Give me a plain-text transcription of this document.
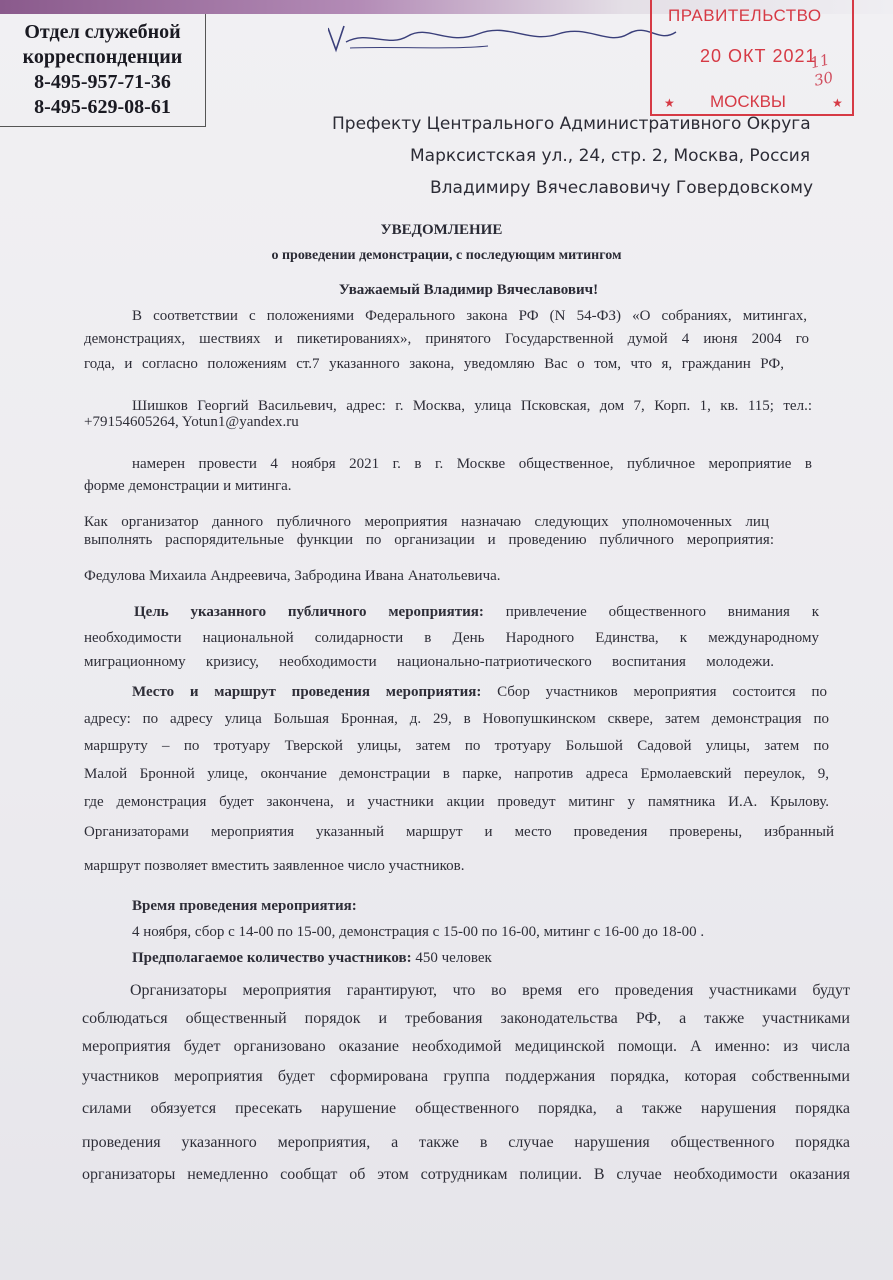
Отдел служебной
корреспонденции
8-495-957-71-36
8-495-629-08-61
ПРАВИТЕЛЬСТВО
20 ОКТ 2021
МОСКВЫ
★	★
11 30
Префекту Центрального Административного Округа
Марксистская ул., 24, стр. 2, Москва, Россия
Владимиру Вячеславовичу Говердовскому
УВЕДОМЛЕНИЕ
о проведении демонстрации, с последующим митингом
Уважаемый Владимир Вячеславович!
В соответствии с положениями Федерального закона РФ (N 54-ФЗ) «О собраниях, митингах,
демонстрациях, шествиях и пикетированиях», принятого Государственной думой 4 июня 2004 го
года, и согласно положениям ст.7 указанного закона, уведомляю Вас о том, что я, гражданин РФ,
Шишков Георгий Васильевич, адрес: г. Москва, улица Псковская, дом 7, Корп. 1, кв. 115; тел.:
+79154605264, Yotun1@yandex.ru
намерен провести 4 ноября 2021 г. в г. Москве общественное, публичное мероприятие в
форме демонстрации и митинга.
Как организатор данного публичного мероприятия назначаю следующих уполномоченных лиц
выполнять распорядительные функции по организации и проведению публичного мероприятия:
Федулова Михаила Андреевича, Забродина Ивана Анатольевича.
Цель указанного публичного мероприятия: привлечение общественного внимания к
необходимости национальной солидарности в День Народного Единства, к международному
миграционному кризису, необходимости национально-патриотического воспитания молодежи.
Место и маршрут проведения мероприятия: Сбор участников мероприятия состоится по
адресу: по адресу улица Большая Бронная, д. 29, в Новопушкинском сквере, затем демонстрация по
маршруту – по тротуару Тверской улицы, затем по тротуару Большой Садовой улицы, затем по
Малой Бронной улице, окончание демонстрации в парке, напротив адреса Ермолаевский переулок, 9,
где демонстрация будет закончена, и участники акции проведут митинг у памятника И.А. Крылову.
Организаторами мероприятия указанный маршрут и место проведения проверены, избранный
маршрут позволяет вместить заявленное число участников.
Время проведения мероприятия:
4 ноября, сбор с 14-00 по 15-00, демонстрация с 15-00 по 16-00, митинг с 16-00 до 18-00 .
Предполагаемое количество участников: 450 человек
Организаторы мероприятия гарантируют, что во время его проведения участниками будут
соблюдаться общественный порядок и требования законодательства РФ, а также участниками
мероприятия будет организовано оказание необходимой медицинской помощи. А именно: из числа
участников мероприятия будет сформирована группа поддержания порядка, которая собственными
силами обязуется пресекать нарушение общественного порядка, а также нарушения порядка
проведения указанного мероприятия, а также в случае нарушения общественного порядка
организаторы немедленно сообщат об этом сотрудникам полиции. В случае необходимости оказания
